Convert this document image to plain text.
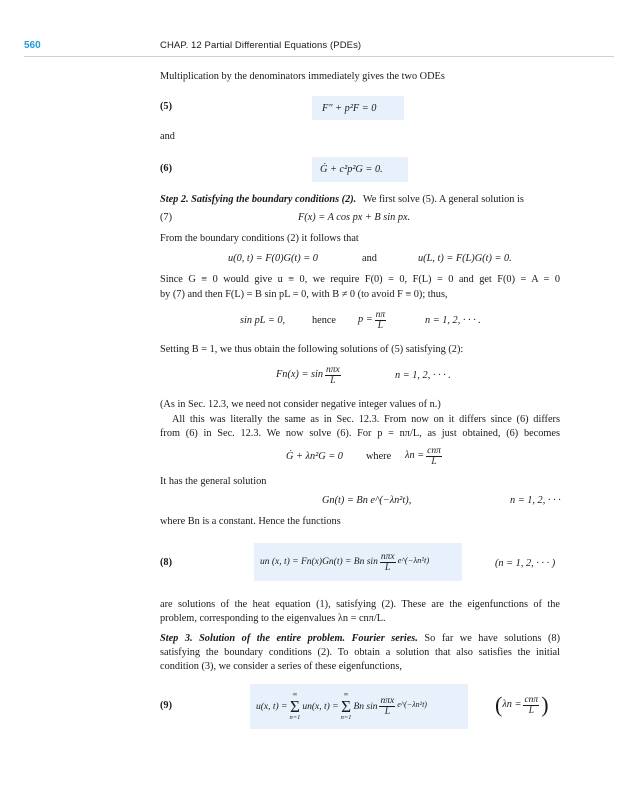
560	CHAP. 12 Partial Differential Equations (PDEs)
Multiplication by the denominators immediately gives the two ODEs
(5)	F″ + p²F = 0
and
(6)	Ġ + c²p²G = 0.
Step 2. Satisfying the boundary conditions (2). We first solve (5). A general solution is
(7)	F(x) = A cos px + B sin px.
From the boundary conditions (2) it follows that
u(0, t) = F(0)G(t) = 0	and	u(L, t) = F(L)G(t) = 0.
Since G ≡ 0 would give u ≡ 0, we require F(0) = 0, F(L) = 0 and get F(0) = A = 0
by (7) and then F(L) = B sin pL = 0, with B ≠ 0 (to avoid F ≡ 0); thus,
sin pL = 0,	hence $p = \frac{n\pi}{L}$	n = 1, 2, · · · .
Setting B = 1, we thus obtain the following solutions of (5) satisfying (2):
$Fn(x) = \sin \frac{\text{nπx}}{L}$	n = 1, 2, · · · .
(As in Sec. 12.3, we need not consider negative integer values of n.)
All this was literally the same as in Sec. 12.3. From now on it differs since (6) differs
from (6) in Sec. 12.3. We now solve (6). For p = nπ/L, as just obtained, (6) becomes
Ġ + λn²G = 0 where $\lambda n = \frac{\text{cnπ}}{L}$
It has the general solution
Gn(t) = Bn e^(−λn²t),	n = 1, 2, · · ·
where Bn is a constant. Hence the functions
(8)	un (x, t) = Fn(x)Gn(t) = Bn $\sin \frac{\text{nπx}}{L}$ e^(−λn²t)	(n = 1, 2, · · · )
are solutions of the heat equation (1), satisfying (2). These are the eigenfunctions of the
problem, corresponding to the eigenvalues λn = cnπ/L.
Step 3. Solution of the entire problem. Fourier series. So far we have solutions (8)
satisfying the boundary conditions (2). To obtain a solution that also satisfies the initial
condition (3), we consider a series of these eigenfunctions,
(9)	u(x, t) =
∞
Σ
n=1
un(x, t) =
∞
Σ
n=1
Bn $\sin \frac{\text{nπx}}{L}$ e^(−λn²t)	( $\lambda n = \frac{\text{cnπ}}{L}$ )
